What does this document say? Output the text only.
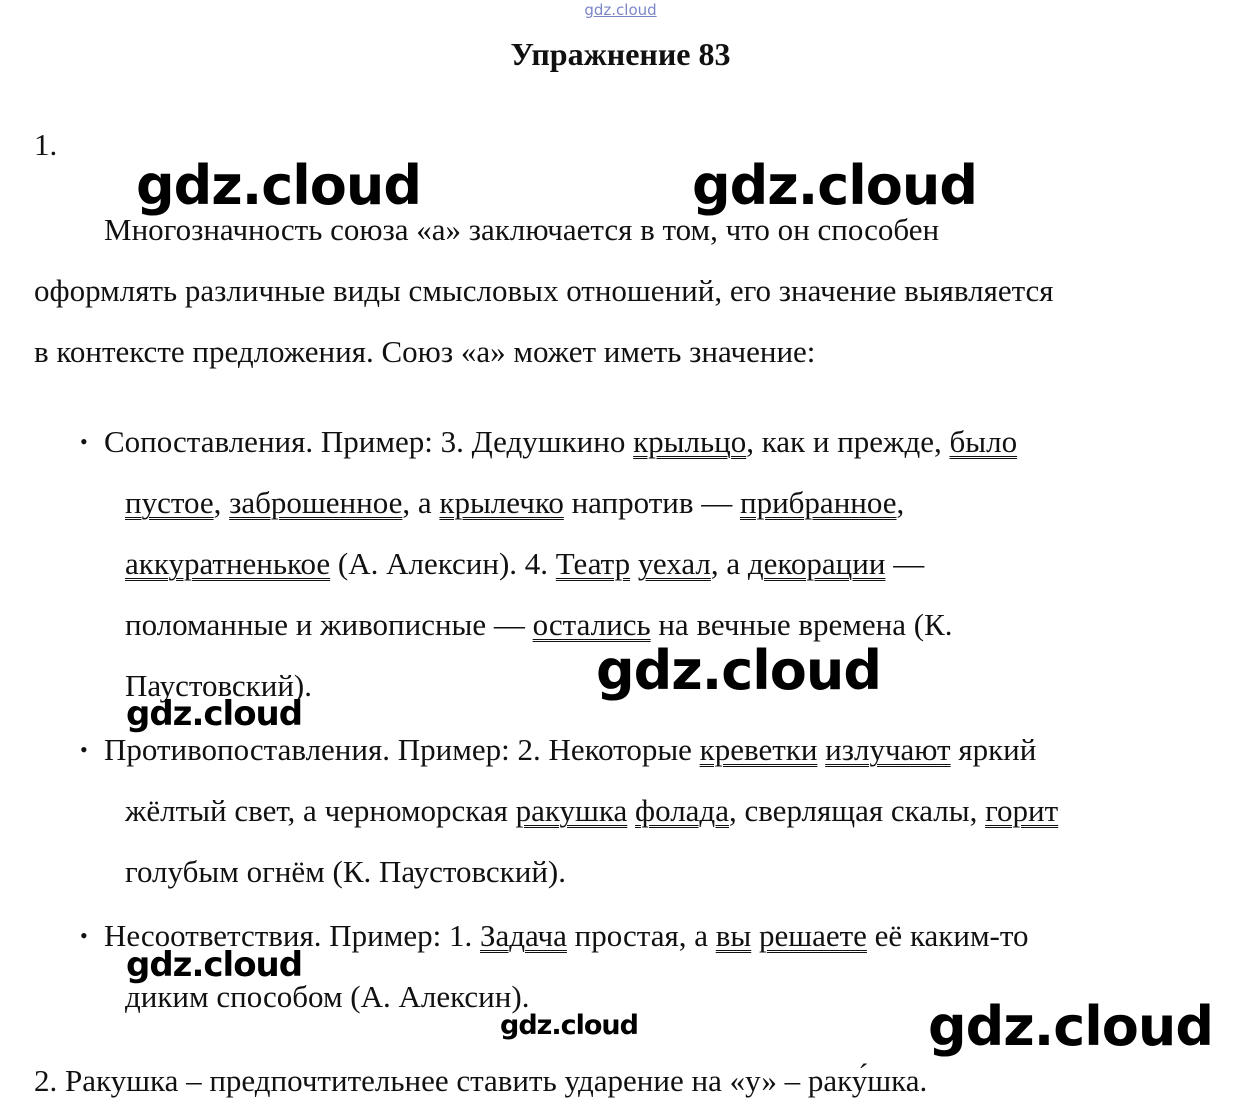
gdz.cloud
Упражнение 83
1.
Многозначность союза «а» заключается в том, что он способен
оформлять различные виды смысловых отношений, его значение выявляется
в контексте предложения. Союз «а» может иметь значение:
• Сопоставления. Пример: 3. Дедушкино крыльцо, как и прежде, было
пустое, заброшенное, а крылечко напротив — прибранное,
аккуратненькое (А. Алексин). 4. Театр уехал, а декорации —
поломанные и живописные — остались на вечные времена (К.
Паустовский).
• Противопоставления. Пример: 2. Некоторые креветки излучают яркий
жёлтый свет, а черноморская ракушка фолада, сверлящая скалы, горит
голубым огнём (К. Паустовский).
• Несоответствия. Пример: 1. Задача простая, а вы решаете её каким-то
диким способом (А. Алексин).
2. Ракушка – предпочтительнее ставить ударение на «у» – раку́шка.
gdz.cloud	gdz.cloud
gdz.cloud
gdz.cloud
gdz.cloud
gdz.cloud	gdz.cloud
